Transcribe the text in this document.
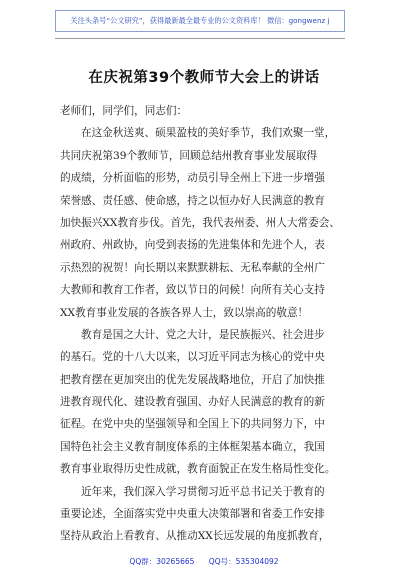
关注头条号“公文研究”，获得最新最全最专业的公文资料库！ 微信：gongwenz j
在庆祝第39个教师节大会上的讲话
老师们，同学们，同志们：
在这金秋送爽、硕果盈枝的美好季节，我们欢聚一堂，
共同庆祝第39个教师节，回顾总结州教育事业发展取得
的成绩，分析面临的形势，动员引导全州上下进一步增强
荣誉感、责任感、使命感，持之以恒办好人民满意的教育
加快振兴XX教育步伐。首先，我代表州委、州人大常委会、
州政府、州政协，向受到表扬的先进集体和先进个人，表
示热烈的祝贺！向长期以来默默耕耘、无私奉献的全州广
大教师和教育工作者，致以节日的问候！向所有关心支持
XX教育事业发展的各族各界人士，致以崇高的敬意！
教育是国之大计、党之大计，是民族振兴、社会进步
的基石。党的十八大以来，以习近平同志为核心的党中央
把教育摆在更加突出的优先发展战略地位，开启了加快推
进教育现代化、建设教育强国、办好人民满意的教育的新
征程。在党中央的坚强领导和全国上下的共同努力下，中
国特色社会主义教育制度体系的主体框架基本确立，我国
教育事业取得历史性成就，教育面貌正在发生格局性变化。
近年来，我们深入学习贯彻习近平总书记关于教育的
重要论述，全面落实党中央重大决策部署和省委工作安排
坚持从政治上看教育、从推动XX长远发展的角度抓教育，
QQ群：30265665 QQ号：535304092
